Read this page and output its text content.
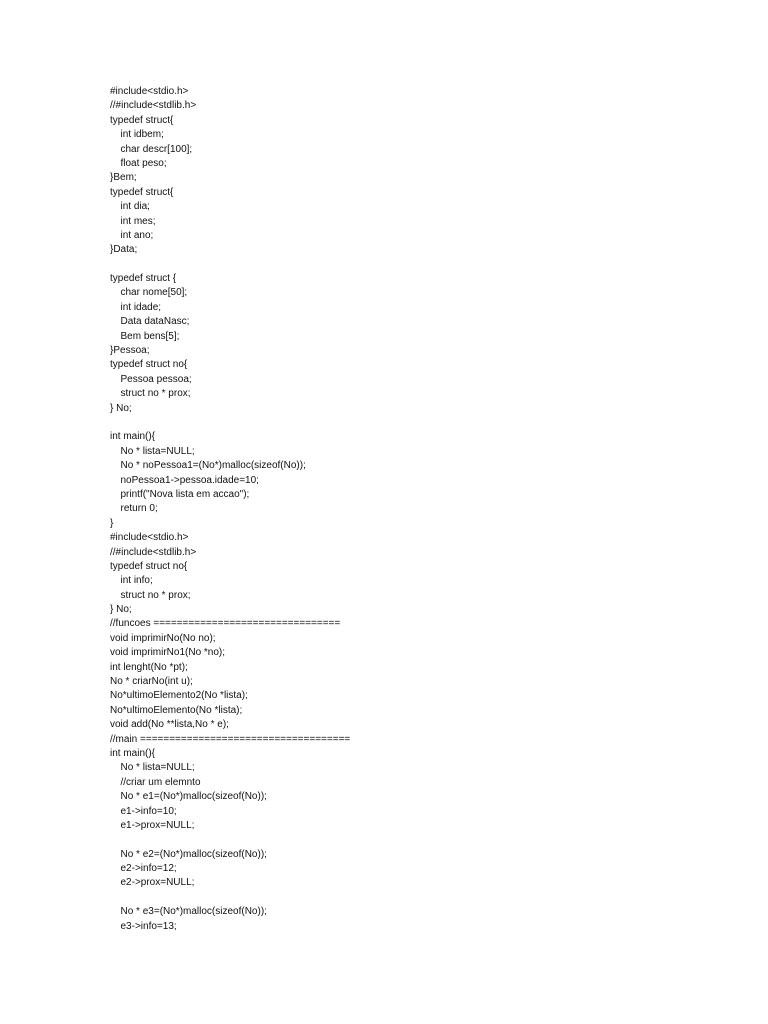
#include<stdio.h>
//#include<stdlib.h>
typedef struct{
int idbem;
char descr[100];
float peso;
}Bem;
typedef struct{
int dia;
int mes;
int ano;
}Data;
typedef struct {
char nome[50];
int idade;
Data dataNasc;
Bem bens[5];
}Pessoa;
typedef struct no{
Pessoa pessoa;
struct no * prox;
} No;
int main(){
No * lista=NULL;
No * noPessoa1=(No*)malloc(sizeof(No));
noPessoa1->pessoa.idade=10;
printf("Nova lista em accao");
return 0;
}
#include<stdio.h>
//#include<stdlib.h>
typedef struct no{
int info;
struct no * prox;
} No;
//funcoes ================================
void imprimirNo(No no);
void imprimirNo1(No *no);
int lenght(No *pt);
No * criarNo(int u);
No*ultimoElemento2(No *lista);
No*ultimoElemento(No *lista);
void add(No **lista,No * e);
//main ====================================
int main(){
No * lista=NULL;
//criar um elemnto
No * e1=(No*)malloc(sizeof(No));
e1->info=10;
e1->prox=NULL;
No * e2=(No*)malloc(sizeof(No));
e2->info=12;
e2->prox=NULL;
No * e3=(No*)malloc(sizeof(No));
e3->info=13;
